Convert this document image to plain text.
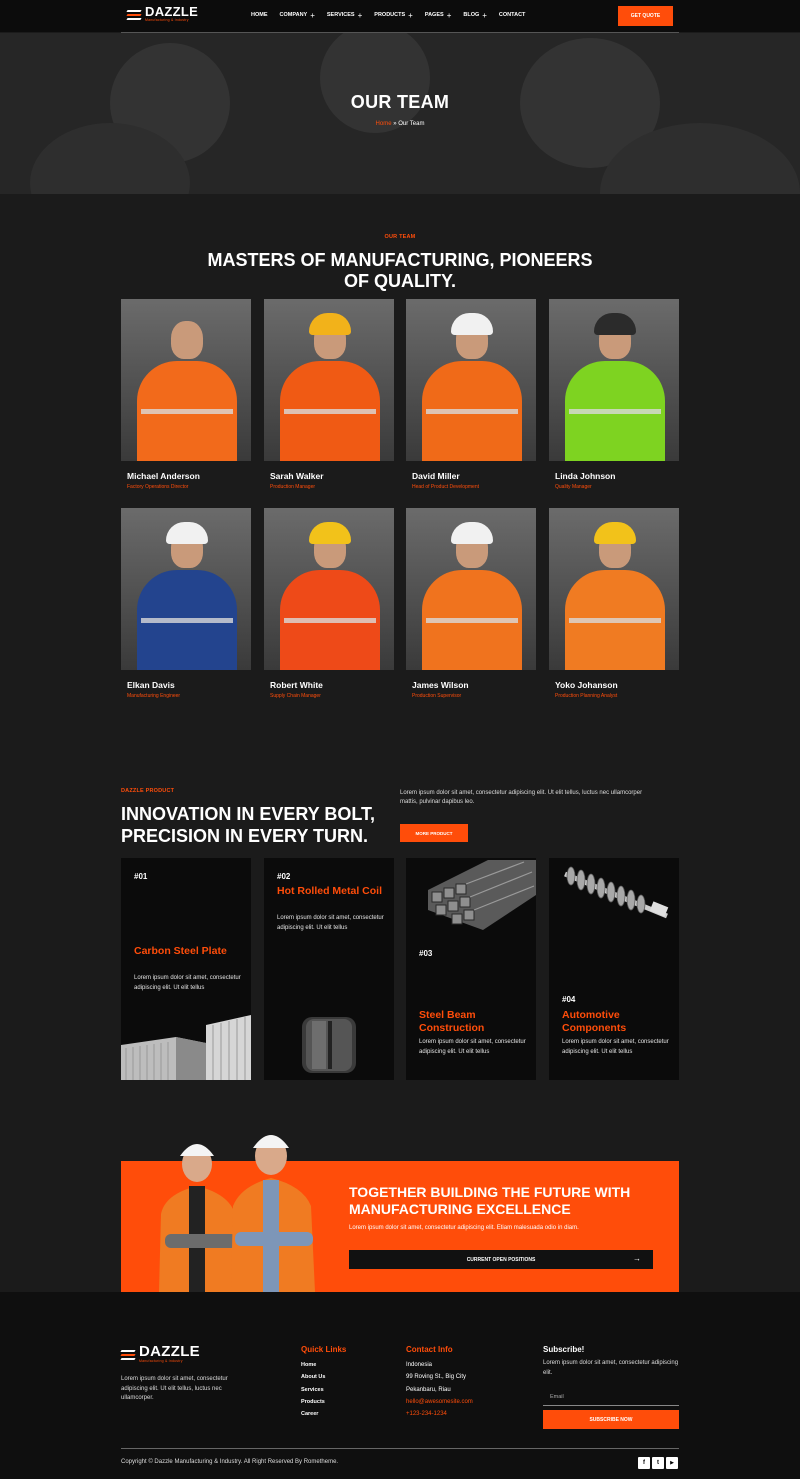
DAZZLE
Manufacturing & Industry
HOME COMPANY + SERVICES + PRODUCTS + PAGES + BLOG + CONTACT	GET QUOTE
OUR TEAM
Home » Our Team
OUR TEAM
MASTERS OF MANUFACTURING, PIONEERS
OF QUALITY.
Michael Anderson
Factory Operations Director
Sarah Walker
Production Manager
David Miller
Head of Product Development
Linda Johnson
Quality Manager
Elkan Davis
Manufacturing Engineer
Robert White
Supply Chain Manager
James Wilson
Production Supervisor
Yoko Johanson
Production Planning Analyst
DAZZLE PRODUCT
INNOVATION IN EVERY BOLT,
PRECISION IN EVERY TURN.
Lorem ipsum dolor sit amet, consectetur adipiscing elit. Ut elit tellus, luctus nec ullamcorper mattis, pulvinar dapibus leo.
MORE PRODUCT
#01
Carbon Steel Plate
Lorem ipsum dolor sit amet, consectetur adipiscing elit. Ut elit tellus
#02
Hot Rolled Metal Coil
Lorem ipsum dolor sit amet, consectetur adipiscing elit. Ut elit tellus
#03
Steel Beam Construction
Lorem ipsum dolor sit amet, consectetur adipiscing elit. Ut elit tellus
#04
Automotive Components
Lorem ipsum dolor sit amet, consectetur adipiscing elit. Ut elit tellus
TOGETHER BUILDING THE FUTURE WITH MANUFACTURING EXCELLENCE
Lorem ipsum dolor sit amet, consectetur adipiscing elit. Etiam malesuada odio in diam.
CURRENT OPEN POSITIONS	→
DAZZLE
Manufacturing & Industry
Lorem ipsum dolor sit amet, consectetur adipiscing elit. Ut elit tellus, luctus nec ullamcorper.
Quick Links
Home
About Us
Services
Products
Career
Contact Info
Indonesia
99 Roving St., Big City
Pekanbaru, Riau
hello@awesomesite.com
+123-234-1234
Subscribe!
Lorem ipsum dolor sit amet, consectetur adipiscing elit.
Email
SUBSCRIBE NOW
Copyright © Dazzle Manufacturing & Industry. All Right Reserved By Rometheme.	f	t	▶
